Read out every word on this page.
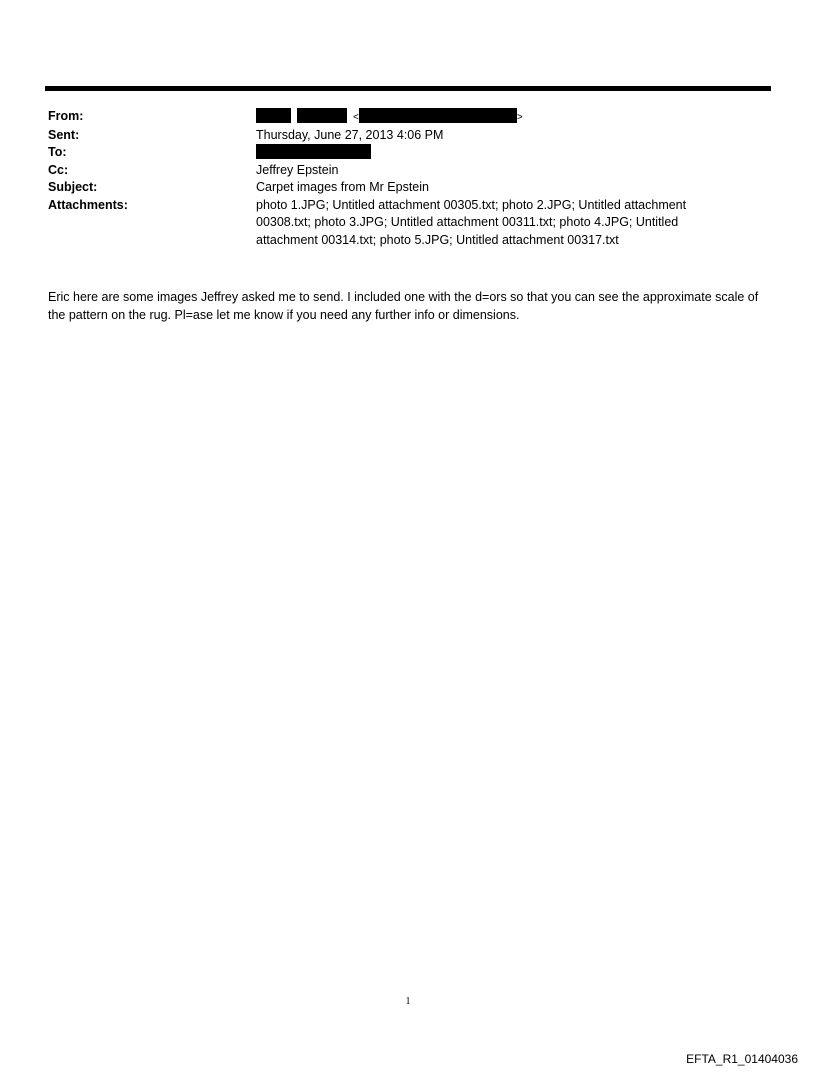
From:	<	>
Sent:	Thursday, June 27, 2013 4:06 PM
To:
Cc:	Jeffrey Epstein
Subject:	Carpet images from Mr Epstein
Attachments:	photo 1.JPG; Untitled attachment 00305.txt; photo 2.JPG; Untitled attachment 00308.txt; photo 3.JPG; Untitled attachment 00311.txt; photo 4.JPG; Untitled attachment 00314.txt; photo 5.JPG; Untitled attachment 00317.txt
Eric here are some images Jeffrey asked me to send. I included one with the d=ors so that you can see the approximate scale of the pattern on the rug. Pl=ase let me know if you need any further info or dimensions.
1
EFTA_R1_01404036
